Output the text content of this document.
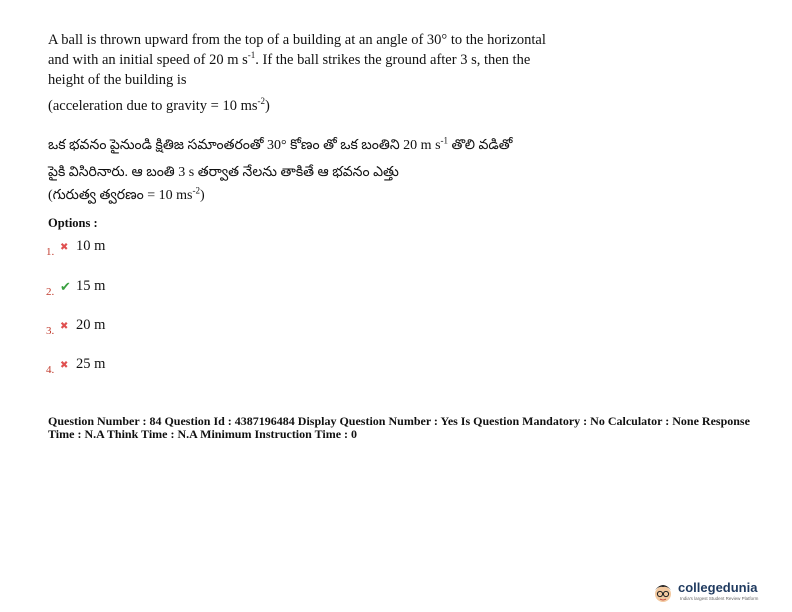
A ball is thrown upward from the top of a building at an angle of 30° to the horizontal

and with an initial speed of 20 m $s^{-1}$. If the ball strikes the ground after 3 s, then the

height of the building is

(acceleration due to gravity = 10 $ms^{-2}$)

ఒక భవనం పైనుండి క్షితిజ సమాంతరంతో 30° కోణం తో ఒక బంతిని 20 m $s^{-1}$ తొలి వడితో

పైకి విసిరినారు. ఆ బంతి 3 s తర్వాత నేలను తాకితే ఆ భవనం ఎత్తు

(గురుత్వ త్వరణం = 10 $ms^{-2}$)

Options :
1. ✖ 10 m
2. ✔ 15 m
3. ✖ 20 m
4. ✖ 25 m

Question Number : 84 Question Id : 4387196484 Display Question Number : Yes Is Question Mandatory : No Calculator : None Response

Time : N.A Think Time : N.A Minimum Instruction Time : 0

collegedunia
India's largest Student Review Platform
